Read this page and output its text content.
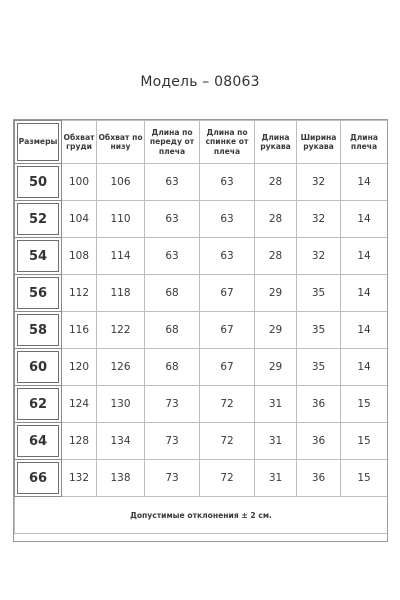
Модель – 08063
Размеры	Обхват груди	Обхват по низу	Длина по переду от плеча	Длина по спинке от плеча	Длина рукава	Ширина рукава	Длина плеча
50	100	106	63	63	28	32	14
52	104	110	63	63	28	32	14
54	108	114	63	63	28	32	14
56	112	118	68	67	29	35	14
58	116	122	68	67	29	35	14
60	120	126	68	67	29	35	14
62	124	130	73	72	31	36	15
64	128	134	73	72	31	36	15
66	132	138	73	72	31	36	15
Допустимые отклонения ± 2 см.							
